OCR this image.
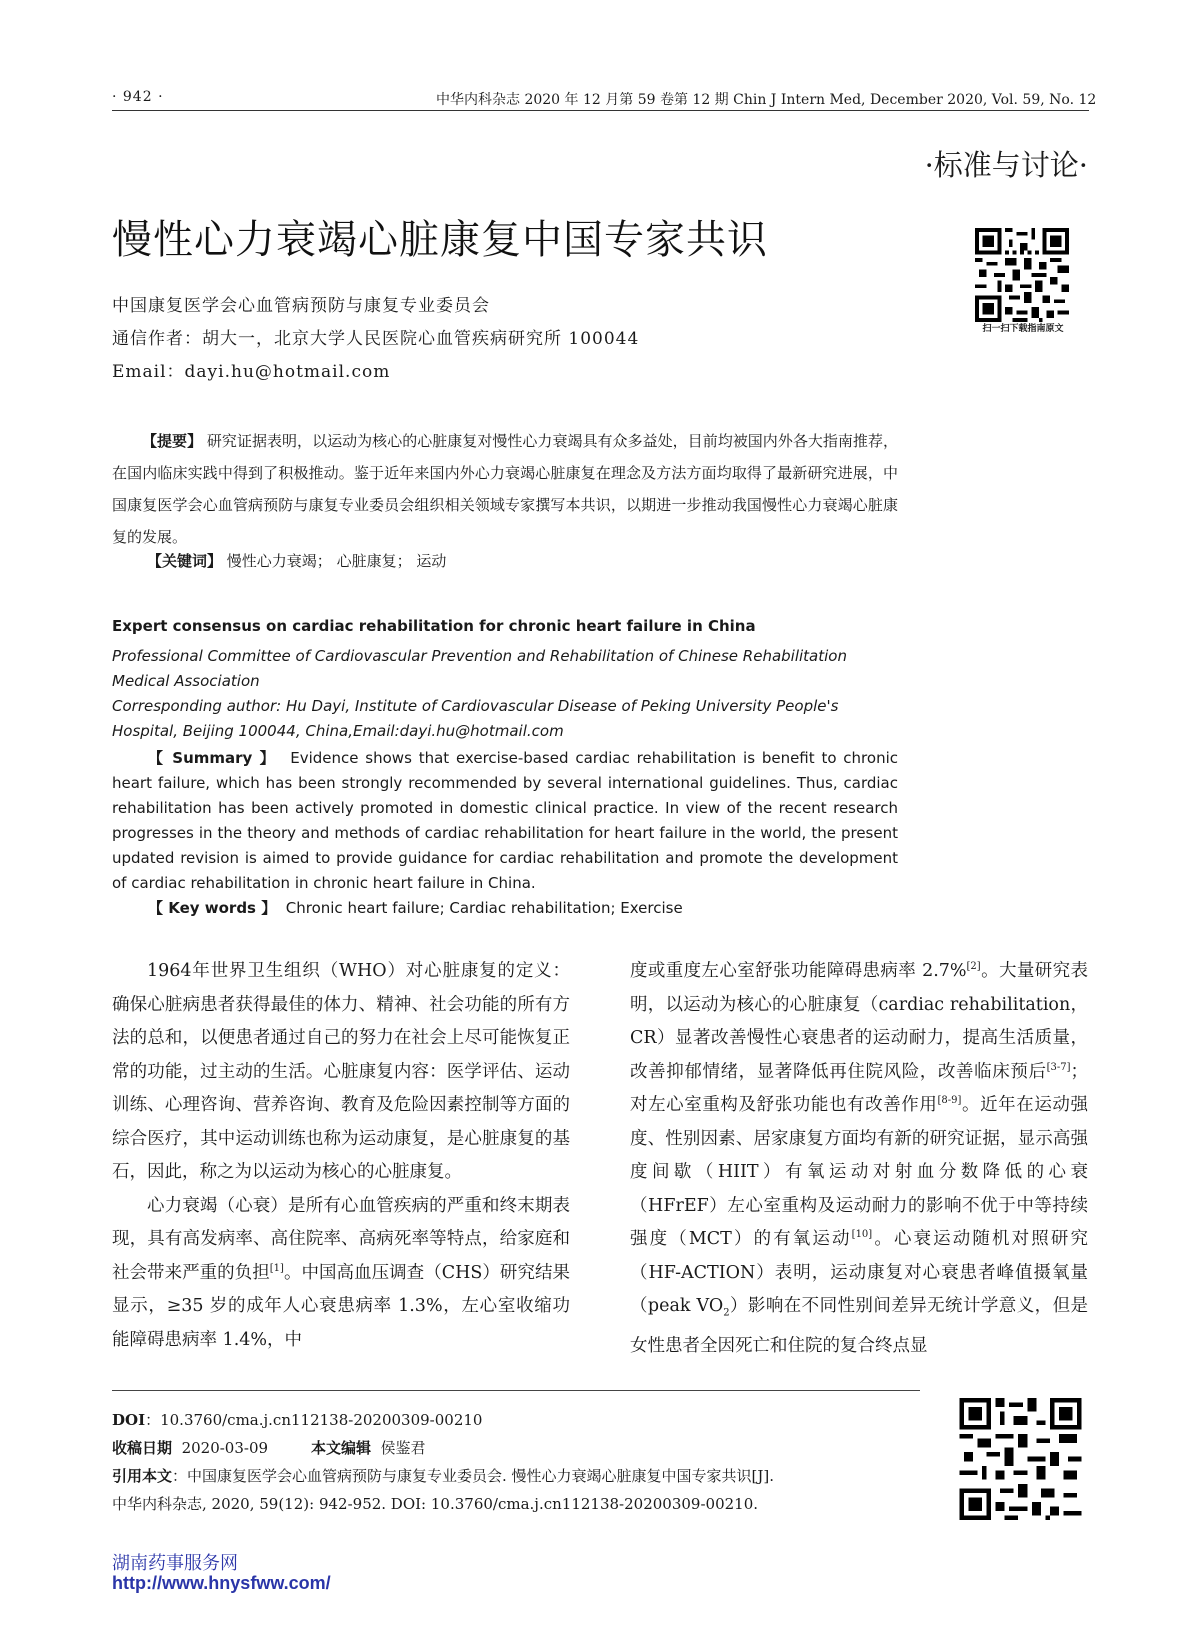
· 942 ·	中华内科杂志 2020 年 12 月第 59 卷第 12 期 Chin J Intern Med, December 2020, Vol. 59, No. 12
·标准与讨论·
慢性心力衰竭心脏康复中国专家共识
扫一扫下载指南原文
中国康复医学会心血管病预防与康复专业委员会
通信作者：胡大一，北京大学人民医院心血管疾病研究所 100044
Email：dayi.hu@hotmail.com
【提要】 研究证据表明，以运动为核心的心脏康复对慢性心力衰竭具有众多益处，目前均被国内外各大指南推荐，在国内临床实践中得到了积极推动。鉴于近年来国内外心力衰竭心脏康复在理念及方法方面均取得了最新研究进展，中国康复医学会心血管病预防与康复专业委员会组织相关领域专家撰写本共识，以期进一步推动我国慢性心力衰竭心脏康复的发展。
【关键词】 慢性心力衰竭； 心脏康复； 运动
Expert consensus on cardiac rehabilitation for chronic heart failure in China
Professional Committee of Cardiovascular Prevention and Rehabilitation of Chinese Rehabilitation Medical Association
Corresponding author: Hu Dayi, Institute of Cardiovascular Disease of Peking University People's Hospital, Beijing 100044, China,Email:dayi.hu@hotmail.com
【 Summary 】 Evidence shows that exercise-based cardiac rehabilitation is benefit to chronic heart failure, which has been strongly recommended by several international guidelines. Thus, cardiac rehabilitation has been actively promoted in domestic clinical practice. In view of the recent research progresses in the theory and methods of cardiac rehabilitation for heart failure in the world, the present updated revision is aimed to provide guidance for cardiac rehabilitation and promote the development of cardiac rehabilitation in chronic heart failure in China.
【 Key words 】 Chronic heart failure; Cardiac rehabilitation; Exercise

1964年世界卫生组织（WHO）对心脏康复的定义：确保心脏病患者获得最佳的体力、精神、社会功能的所有方法的总和，以便患者通过自己的努力在社会上尽可能恢复正常的功能，过主动的生活。心脏康复内容：医学评估、运动训练、心理咨询、营养咨询、教育及危险因素控制等方面的综合医疗，其中运动训练也称为运动康复，是心脏康复的基石，因此，称之为以运动为核心的心脏康复。

心力衰竭（心衰）是所有心血管疾病的严重和终末期表现，具有高发病率、高住院率、高病死率等特点，给家庭和社会带来严重的负担[1]。中国高血压调查（CHS）研究结果显示，≥35 岁的成年人心衰患病率 1.3%，左心室收缩功能障碍患病率 1.4%，中

度或重度左心室舒张功能障碍患病率 2.7%[2]。大量研究表明，以运动为核心的心脏康复（cardiac rehabilitation，CR）显著改善慢性心衰患者的运动耐力，提高生活质量，改善抑郁情绪，显著降低再住院风险，改善临床预后[3-7]；对左心室重构及舒张功能也有改善作用[8-9]。近年在运动强度、性别因素、居家康复方面均有新的研究证据，显示高强度间歇（HIIT）有氧运动对射血分数降低的心衰（HFrEF）左心室重构及运动耐力的影响不优于中等持续强度（MCT）的有氧运动[10]。心衰运动随机对照研究（HF-ACTION）表明，运动康复对心衰患者峰值摄氧量（peak $VO_2$）影响在不同性别间差异无统计学意义，但是女性患者全因死亡和住院的复合终点显

DOI：10.3760/cma.j.cn112138-20200309-00210
收稿日期 2020-03-09	本文编辑 侯鉴君
引用本文：中国康复医学会心血管病预防与康复专业委员会. 慢性心力衰竭心脏康复中国专家共识[J].
中华内科杂志, 2020, 59(12): 942-952. DOI: 10.3760/cma.j.cn112138-20200309-00210.
湖南药事服务网
http://www.hnysfww.com/
